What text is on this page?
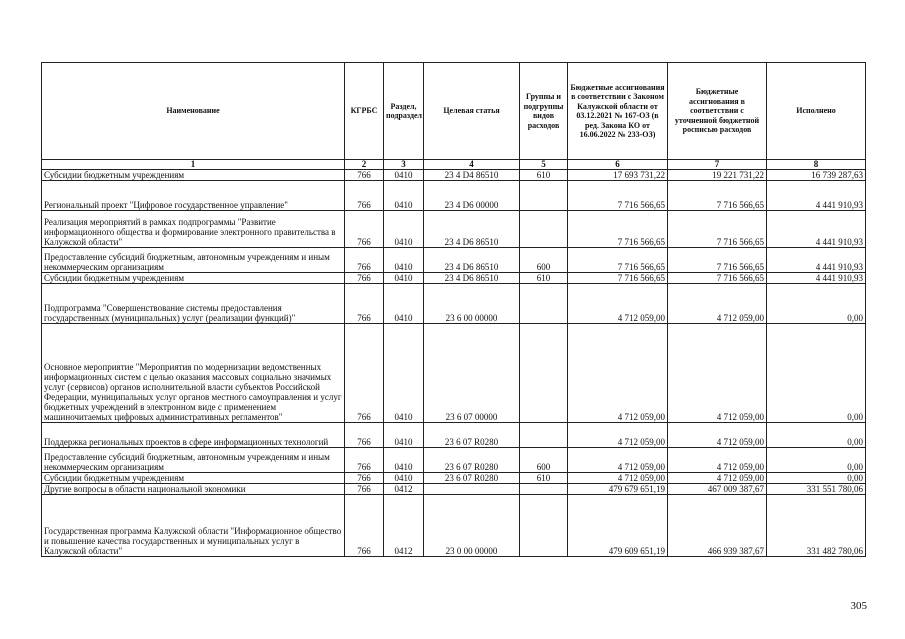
Наименование	КГРБС	Раздел, подраздел	Целевая статья	Группы и подгруппы видов расходов	Бюджетные ассигнования в соответствии с Законом Калужской области от 03.12.2021 № 167-ОЗ (в ред. Закона КО от 16.06.2022 № 233-ОЗ)	Бюджетные ассигнования в соответствии с уточненной бюджетной росписью расходов	Исполнено
1	2	3	4	5	6	7	8
Субсидии бюджетным учреждениям	766	0410	23 4 D4 86510	610	17 693 731,22	19 221 731,22	16 739 287,63
Региональный проект "Цифровое государственное управление"	766	0410	23 4 D6 00000		7 716 566,65	7 716 566,65	4 441 910,93
Реализация мероприятий в рамках подпрограммы "Развитие информационного общества и формирование электронного правительства в Калужской области"	766	0410	23 4 D6 86510		7 716 566,65	7 716 566,65	4 441 910,93
Предоставление субсидий бюджетным, автономным учреждениям и иным некоммерческим организациям	766	0410	23 4 D6 86510	600	7 716 566,65	7 716 566,65	4 441 910,93
Субсидии бюджетным учреждениям	766	0410	23 4 D6 86510	610	7 716 566,65	7 716 566,65	4 441 910,93
Подпрограмма "Совершенствование системы предоставления государственных (муниципальных) услуг (реализации функций)"	766	0410	23 6 00 00000		4 712 059,00	4 712 059,00	0,00
Основное мероприятие "Мероприятия по модернизации ведомственных информационных систем с целью оказания массовых социально значимых услуг (сервисов) органов исполнительной власти субъектов Российской Федерации, муниципальных услуг органов местного самоуправления и услуг бюджетных учреждений в электронном виде с применением машиночитаемых цифровых административных регламентов"	766	0410	23 6 07 00000		4 712 059,00	4 712 059,00	0,00
Поддержка региональных проектов в сфере информационных технологий	766	0410	23 6 07 R0280		4 712 059,00	4 712 059,00	0,00
Предоставление субсидий бюджетным, автономным учреждениям и иным некоммерческим организациям	766	0410	23 6 07 R0280	600	4 712 059,00	4 712 059,00	0,00
Субсидии бюджетным учреждениям	766	0410	23 6 07 R0280	610	4 712 059,00	4 712 059,00	0,00
Другие вопросы в области национальной экономики	766	0412			479 679 651,19	467 009 387,67	331 551 780,06
Государственная программа Калужской области "Информационное общество и повышение качества государственных и муниципальных услуг в Калужской области"	766	0412	23 0 00 00000		479 609 651,19	466 939 387,67	331 482 780,06
305
